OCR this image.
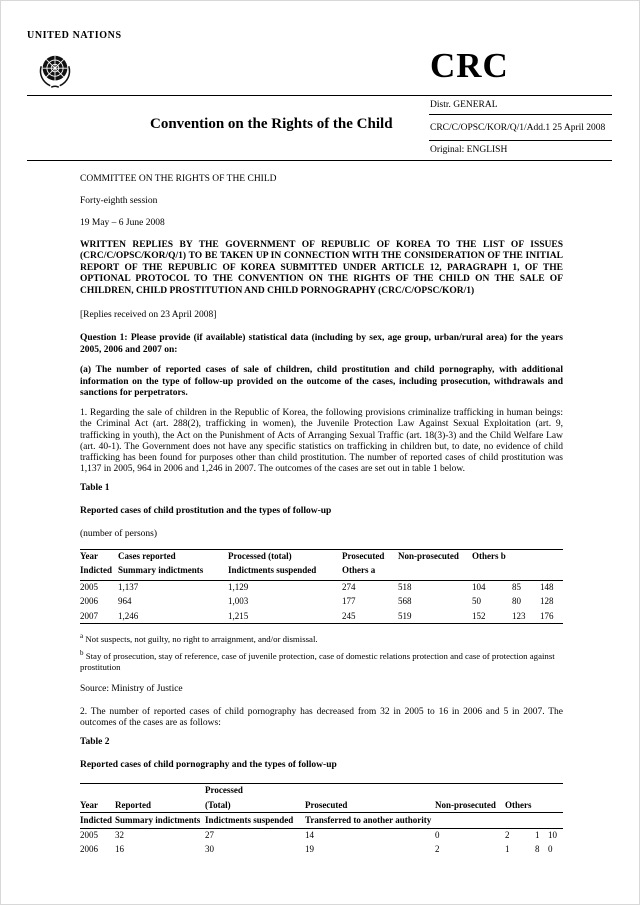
UNITED NATIONS
CRC
Distr. GENERAL
Convention on the Rights of the Child	CRC/C/OPSC/KOR/Q/1/Add.1 25 April 2008
Original: ENGLISH

COMMITTEE ON THE RIGHTS OF THE CHILD

Forty-eighth session

19 May – 6 June 2008

WRITTEN REPLIES BY THE GOVERNMENT OF REPUBLIC OF KOREA TO THE LIST OF ISSUES (CRC/C/OPSC/KOR/Q/1) TO BE TAKEN UP IN CONNECTION WITH THE CONSIDERATION OF THE INITIAL REPORT OF THE REPUBLIC OF KOREA SUBMITTED UNDER ARTICLE 12, PARAGRAPH 1, OF THE OPTIONAL PROTOCOL TO THE CONVENTION ON THE RIGHTS OF THE CHILD ON THE SALE OF CHILDREN, CHILD PROSTITUTION AND CHILD PORNOGRAPHY (CRC/C/OPSC/KOR/1)

[Replies received on 23 April 2008]

Question 1: Please provide (if available) statistical data (including by sex, age group, urban/rural area) for the years 2005, 2006 and 2007 on:

(a) The number of reported cases of sale of children, child prostitution and child pornography, with additional information on the type of follow-up provided on the outcome of the cases, including prosecution, withdrawals and sanctions for perpetrators.

1. Regarding the sale of children in the Republic of Korea, the following provisions criminalize trafficking in human beings: the Criminal Act (art. 288(2), trafficking in women), the Juvenile Protection Law Against Sexual Exploitation (art. 9, trafficking in youth), the Act on the Punishment of Acts of Arranging Sexual Traffic (art. 18(3)-3) and the Child Welfare Law (art. 40-1). The Government does not have any specific statistics on trafficking in children but, to date, no evidence of child trafficking has been found for purposes other than child prostitution. The number of reported cases of child prostitution was 1,137 in 2005, 964 in 2006 and 1,246 in 2007. The outcomes of the cases are set out in table 1 below.

Table 1

Reported cases of child prostitution and the types of follow-up

(number of persons)

Year	Cases reported	Processed (total)	Prosecuted	Non-prosecuted	Others b		
Indicted	Summary indictments	Indictments suspended	Others a				
2005	1,137	1,129	274	518	104	85	148
2006	964	1,003	177	568	50	80	128
2007	1,246	1,215	245	519	152	123	176

$^a$ Not suspects, not guilty, no right to arraignment, and/or dismissal.

$^b$ Stay of prosecution, stay of reference, case of juvenile protection, case of domestic relations protection and case of protection against prostitution

Source: Ministry of Justice

2. The number of reported cases of child pornography has decreased from 32 in 2005 to 16 in 2006 and 5 in 2007. The outcomes of the cases are as follows:

Table 2

Reported cases of child pornography and the types of follow-up

		Processed					
Year	Reported	(Total)	Prosecuted	Non-prosecuted	Others		
Indicted	Summary indictments	Indictments suspended	Transferred to another authority				
2005	32	27	14	0	2	1	10
2006	16	30	19	2	1	8	0
